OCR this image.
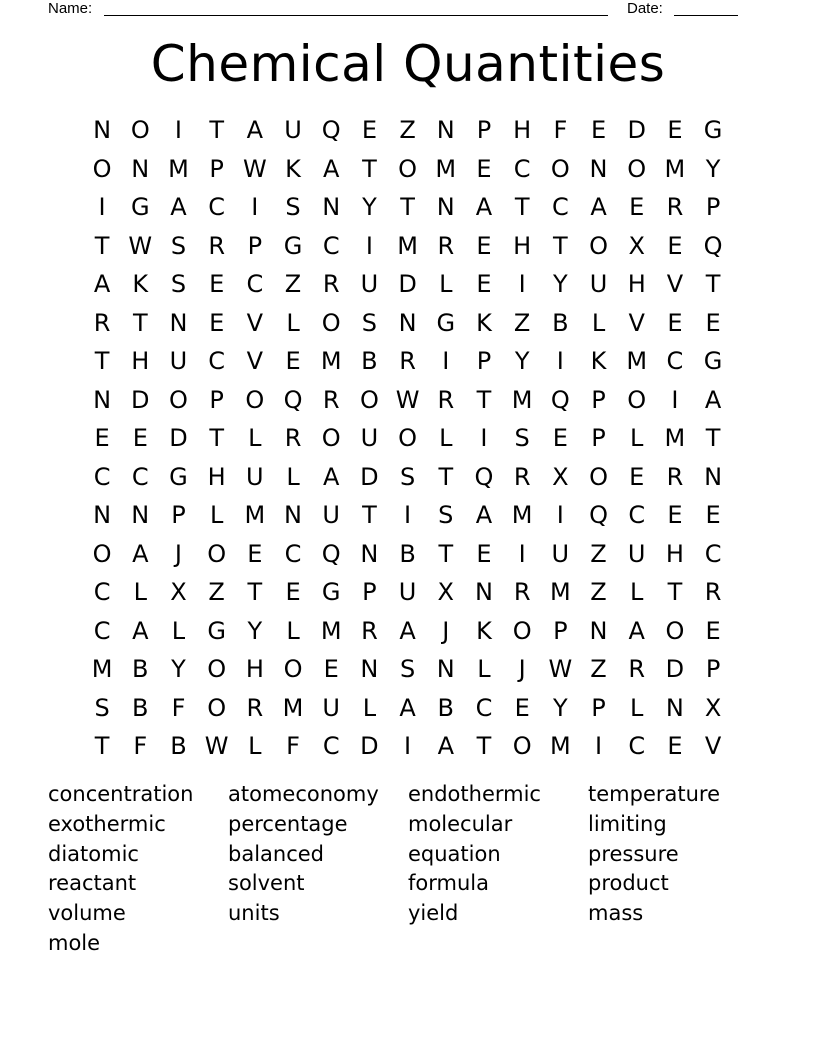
Name:	Date:
Chemical Quantities
N O	I	T A U Q E Z N P H F E D E G
O N M P W K A T O M E C O N O M Y
I	G A C	I	S N Y T N A T C A E R P
T W S R P G C	I	M R E H T O X E Q
A K S E C Z R U D L E	I	Y U H V T
R T N E V L O S N G K Z B L V E E
T H U C V E M B R	I	P Y	I	K M C G
N D O P O Q R O W R T M Q P O	I	A
E E D T	L R O U O L	I	S E P	L M T
C C G H U L A D S T Q R X O E R N
N N P	L M N U T	I	S A M	I	Q C E E
O A	J	O E C Q N B T E	I	U Z U H C
C L X Z T E G P U X N R M Z L	T R
C A L G Y	L M R A	J	K O P N A O E
M B Y O H O E N S N L	J W Z R D P
S B F O R M U L A B C E Y P	L N X
T F B W L	F C D	I	A T O M	I	C E V
concentration	atomeconomy	endothermic	temperature
exothermic	percentage	molecular	limiting
diatomic	balanced	equation	pressure
reactant	solvent	formula	product
volume	units	yield	mass
mole
